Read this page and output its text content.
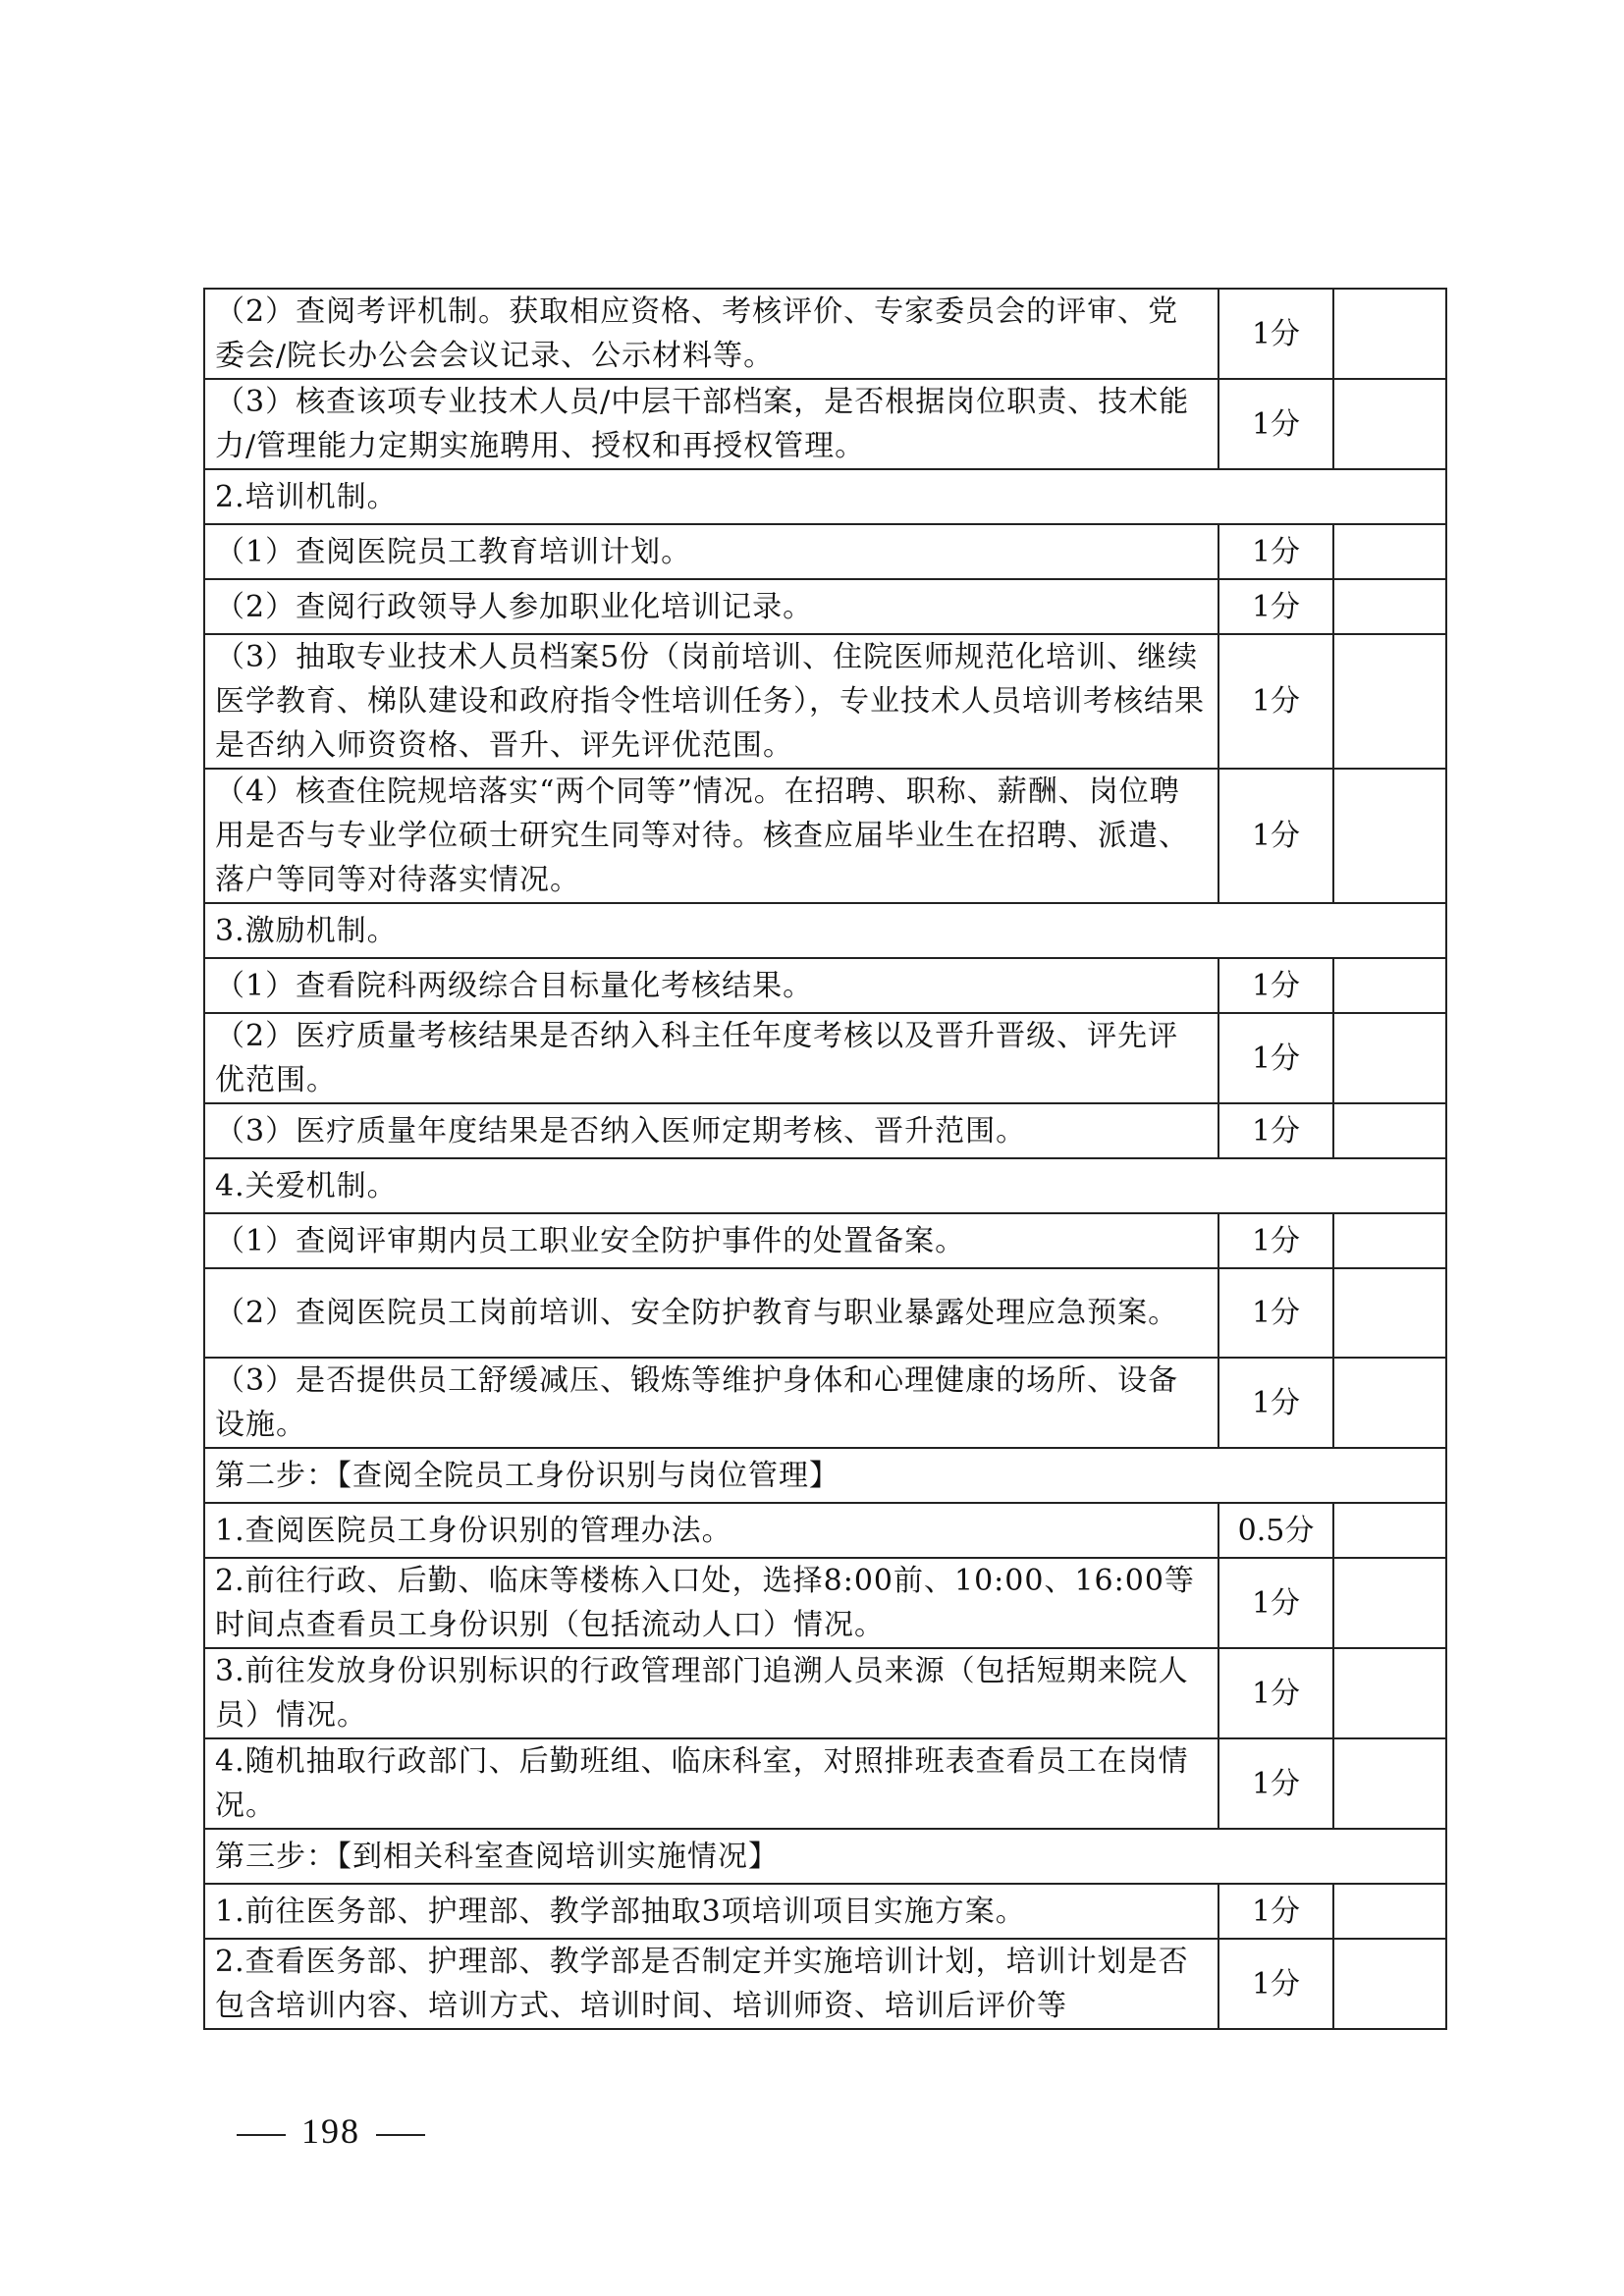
（2）查阅考评机制。获取相应资格、考核评价、专家委员会的评审、党委会/院长办公会会议记录、公示材料等。	1分	
（3）核查该项专业技术人员/中层干部档案，是否根据岗位职责、技术能力/管理能力定期实施聘用、授权和再授权管理。	1分	
2.培训机制。		
（1）查阅医院员工教育培训计划。	1分	
（2）查阅行政领导人参加职业化培训记录。	1分	
（3）抽取专业技术人员档案5份（岗前培训、住院医师规范化培训、继续医学教育、梯队建设和政府指令性培训任务），专业技术人员培训考核结果是否纳入师资资格、晋升、评先评优范围。	1分	
（4）核查住院规培落实“两个同等”情况。在招聘、职称、薪酬、岗位聘用是否与专业学位硕士研究生同等对待。核查应届毕业生在招聘、派遣、落户等同等对待落实情况。	1分	
3.激励机制。		
（1）查看院科两级综合目标量化考核结果。	1分	
（2）医疗质量考核结果是否纳入科主任年度考核以及晋升晋级、评先评优范围。	1分	
（3）医疗质量年度结果是否纳入医师定期考核、晋升范围。	1分	
4.关爱机制。		
（1）查阅评审期内员工职业安全防护事件的处置备案。	1分	
（2）查阅医院员工岗前培训、安全防护教育与职业暴露处理应急预案。	1分	
（3）是否提供员工舒缓减压、锻炼等维护身体和心理健康的场所、设备设施。	1分	
第二步：【查阅全院员工身份识别与岗位管理】		
1.查阅医院员工身份识别的管理办法。	0.5分	
2.前往行政、后勤、临床等楼栋入口处，选择8:00前、10:00、16:00等时间点查看员工身份识别（包括流动人口）情况。	1分	
3.前往发放身份识别标识的行政管理部门追溯人员来源（包括短期来院人员）情况。	1分	
4.随机抽取行政部门、后勤班组、临床科室，对照排班表查看员工在岗情况。	1分	
第三步：【到相关科室查阅培训实施情况】		
1.前往医务部、护理部、教学部抽取3项培训项目实施方案。	1分	
2.查看医务部、护理部、教学部是否制定并实施培训计划，培训计划是否包含培训内容、培训方式、培训时间、培训师资、培训后评价等	1分	
198
